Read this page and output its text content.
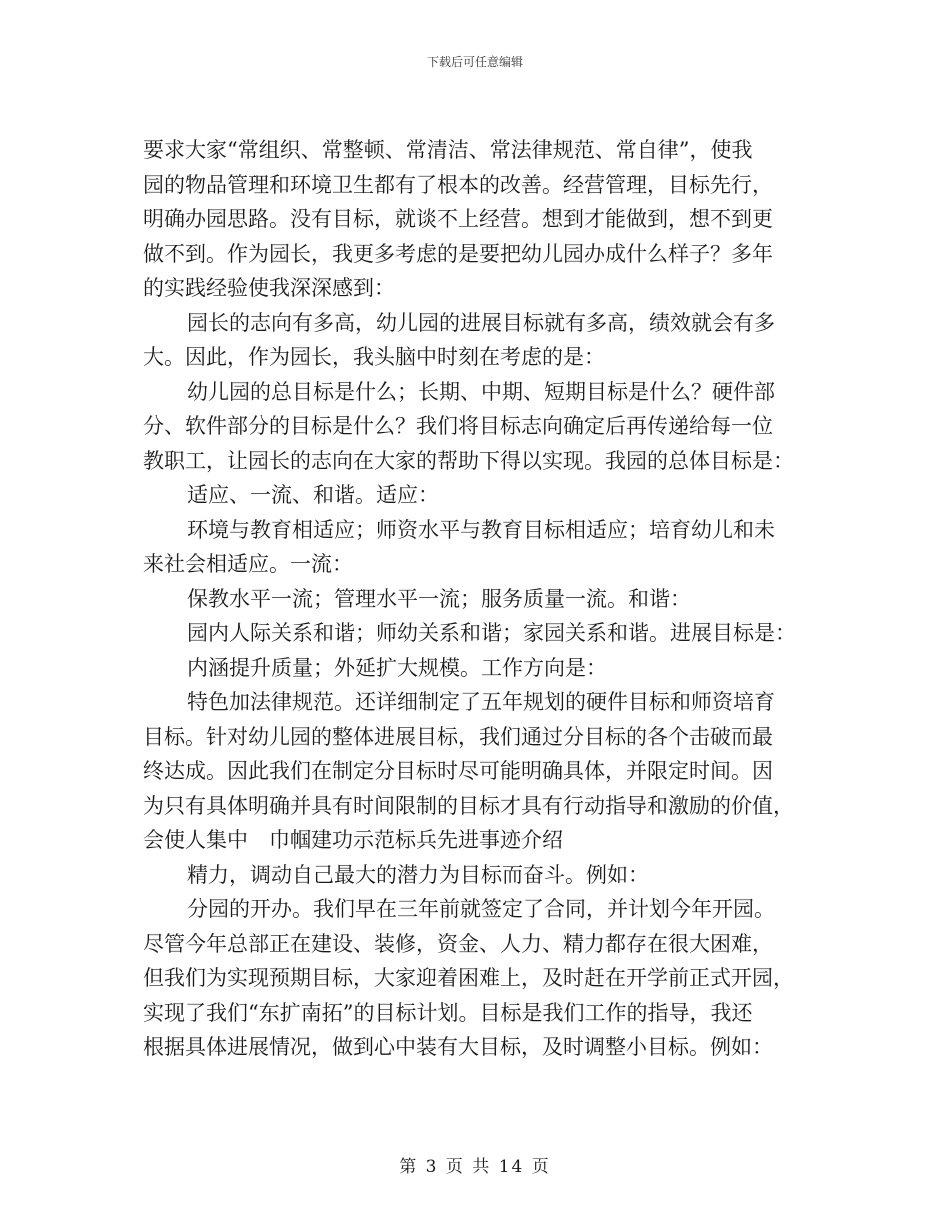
下载后可任意编辑
要求大家“常组织、常整顿、常清洁、常法律规范、常自律”，使我
园的物品管理和环境卫生都有了根本的改善。经营管理，目标先行，
明确办园思路。没有目标，就谈不上经营。想到才能做到，想不到更
做不到。作为园长，我更多考虑的是要把幼儿园办成什么样子？多年
的实践经验使我深深感到：
园长的志向有多高，幼儿园的进展目标就有多高，绩效就会有多
大。因此，作为园长，我头脑中时刻在考虑的是：
幼儿园的总目标是什么；长期、中期、短期目标是什么？硬件部
分、软件部分的目标是什么？我们将目标志向确定后再传递给每一位
教职工，让园长的志向在大家的帮助下得以实现。我园的总体目标是：
适应、一流、和谐。适应：
环境与教育相适应；师资水平与教育目标相适应；培育幼儿和未
来社会相适应。一流：
保教水平一流；管理水平一流；服务质量一流。和谐：
园内人际关系和谐；师幼关系和谐；家园关系和谐。进展目标是：
内涵提升质量；外延扩大规模。工作方向是：
特色加法律规范。还详细制定了五年规划的硬件目标和师资培育
目标。针对幼儿园的整体进展目标，我们通过分目标的各个击破而最
终达成。因此我们在制定分目标时尽可能明确具体，并限定时间。因
为只有具体明确并具有时间限制的目标才具有行动指导和激励的价值，
会使人集中　巾帼建功示范标兵先进事迹介绍
精力，调动自己最大的潜力为目标而奋斗。例如：
分园的开办。我们早在三年前就签定了合同，并计划今年开园。
尽管今年总部正在建设、装修，资金、人力、精力都存在很大困难，
但我们为实现预期目标，大家迎着困难上，及时赶在开学前正式开园，
实现了我们“东扩南拓”的目标计划。目标是我们工作的指导，我还
根据具体进展情况，做到心中装有大目标，及时调整小目标。例如：
第 3 页 共 14 页
